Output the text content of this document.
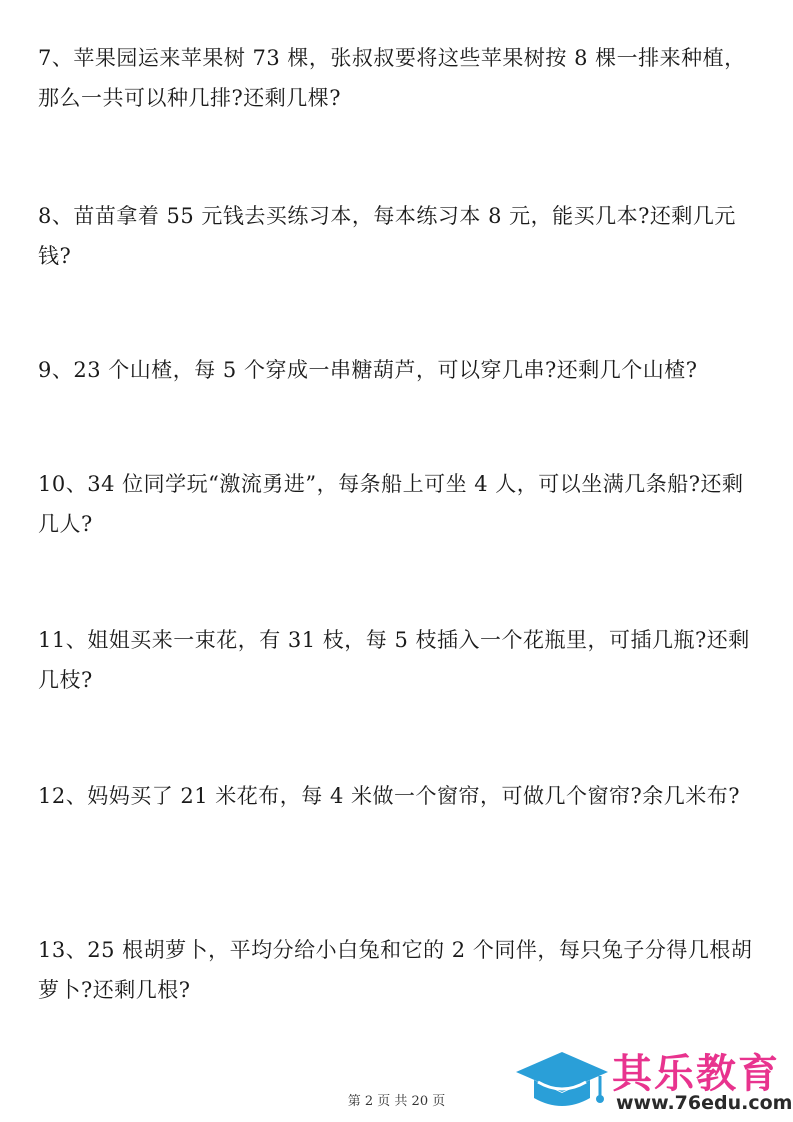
7、苹果园运来苹果树 73 棵，张叔叔要将这些苹果树按 8 棵一排来种植，那么一共可以种几排?还剩几棵?

8、苗苗拿着 55 元钱去买练习本，每本练习本 8 元，能买几本?还剩几元钱?

9、23 个山楂，每 5 个穿成一串糖葫芦，可以穿几串?还剩几个山楂?

10、34 位同学玩“激流勇进”，每条船上可坐 4 人，可以坐满几条船?还剩几人?

11、姐姐买来一束花，有 31 枝，每 5 枝插入一个花瓶里，可插几瓶?还剩几枝?

12、妈妈买了 21 米花布，每 4 米做一个窗帘，可做几个窗帘?余几米布?

13、25 根胡萝卜，平均分给小白兔和它的 2 个同伴，每只兔子分得几根胡萝卜?还剩几根?

其乐教育
www.76edu.com
第 2 页 共 20 页
